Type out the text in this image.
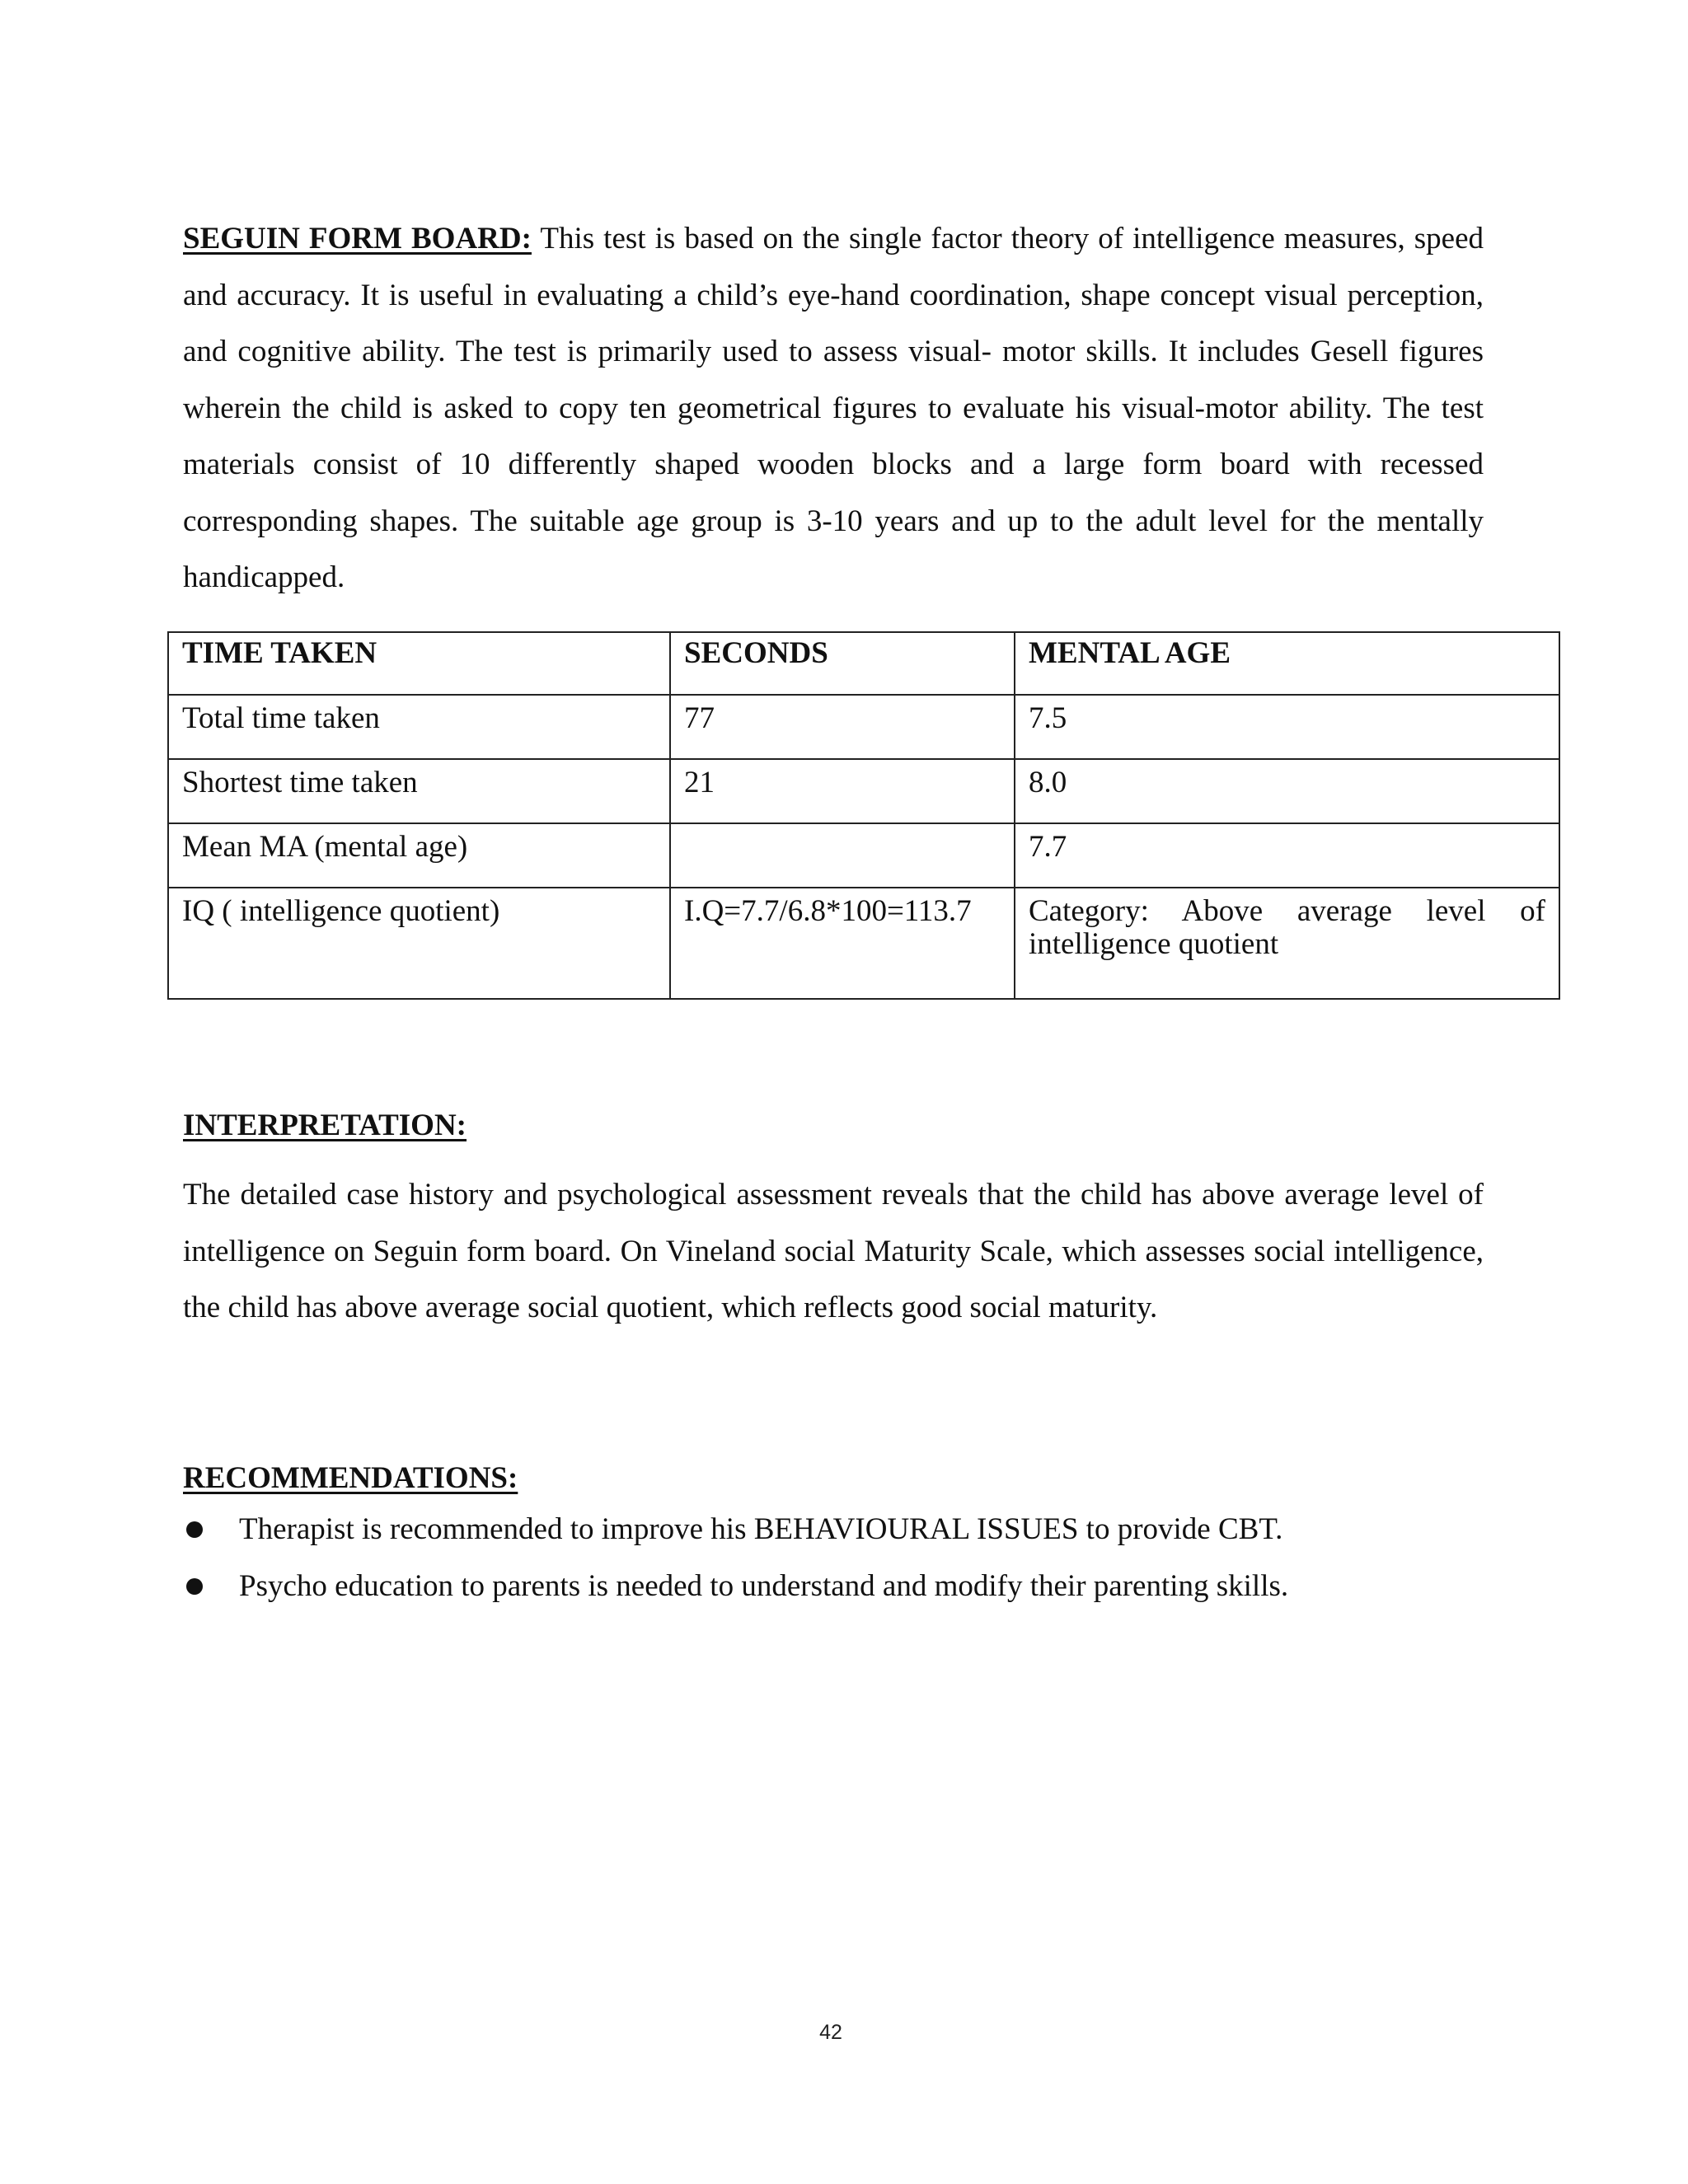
SEGUIN FORM BOARD: This test is based on the single factor theory of intelligence measures, speed and accuracy. It is useful in evaluating a child’s eye-hand coordination, shape concept visual perception, and cognitive ability. The test is primarily used to assess visual- motor skills. It includes Gesell figures wherein the child is asked to copy ten geometrical figures to evaluate his visual-motor ability. The test materials consist of 10 differently shaped wooden blocks and a large form board with recessed corresponding shapes. The suitable age group is 3-10 years and up to the adult level for the mentally handicapped.

TIME TAKEN	SECONDS	MENTAL AGE
Total time taken	77	7.5
Shortest time taken	21	8.0
Mean MA (mental age)		7.7
IQ ( intelligence quotient)	I.Q=7.7/6.8*100=113.7	Category: Above average level of intelligence quotient
INTERPRETATION:

The detailed case history and psychological assessment reveals that the child has above average level of intelligence on Seguin form board. On Vineland social Maturity Scale, which assesses social intelligence, the child has above average social quotient, which reflects good social maturity.

RECOMMENDATIONS:
Therapist is recommended to improve his BEHAVIOURAL ISSUES to provide CBT.
Psycho education to parents is needed to understand and modify their parenting skills.
42
